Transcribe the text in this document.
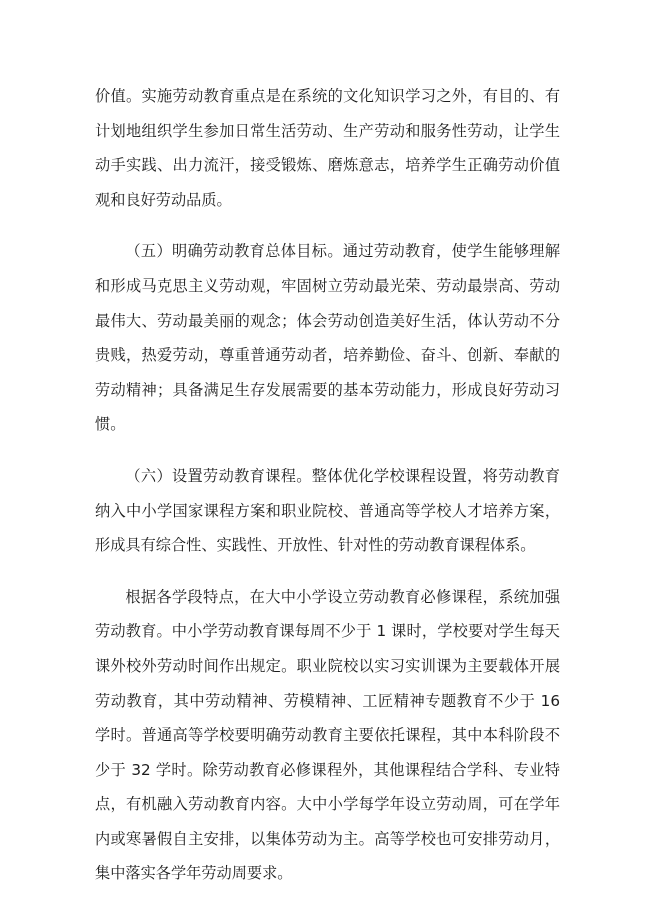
价值。实施劳动教育重点是在系统的文化知识学习之外，有目的、有计划地组织学生参加日常生活劳动、生产劳动和服务性劳动，让学生动手实践、出力流汗，接受锻炼、磨炼意志，培养学生正确劳动价值观和良好劳动品质。

（五）明确劳动教育总体目标。通过劳动教育，使学生能够理解和形成马克思主义劳动观，牢固树立劳动最光荣、劳动最崇高、劳动最伟大、劳动最美丽的观念；体会劳动创造美好生活，体认劳动不分贵贱，热爱劳动，尊重普通劳动者，培养勤俭、奋斗、创新、奉献的劳动精神；具备满足生存发展需要的基本劳动能力，形成良好劳动习惯。

（六）设置劳动教育课程。整体优化学校课程设置，将劳动教育纳入中小学国家课程方案和职业院校、普通高等学校人才培养方案，形成具有综合性、实践性、开放性、针对性的劳动教育课程体系。

根据各学段特点，在大中小学设立劳动教育必修课程，系统加强劳动教育。中小学劳动教育课每周不少于 1 课时，学校要对学生每天课外校外劳动时间作出规定。职业院校以实习实训课为主要载体开展劳动教育，其中劳动精神、劳模精神、工匠精神专题教育不少于 16 学时。普通高等学校要明确劳动教育主要依托课程，其中本科阶段不少于 32 学时。除劳动教育必修课程外，其他课程结合学科、专业特点，有机融入劳动教育内容。大中小学每学年设立劳动周，可在学年内或寒暑假自主安排，以集体劳动为主。高等学校也可安排劳动月，集中落实各学年劳动周要求。
